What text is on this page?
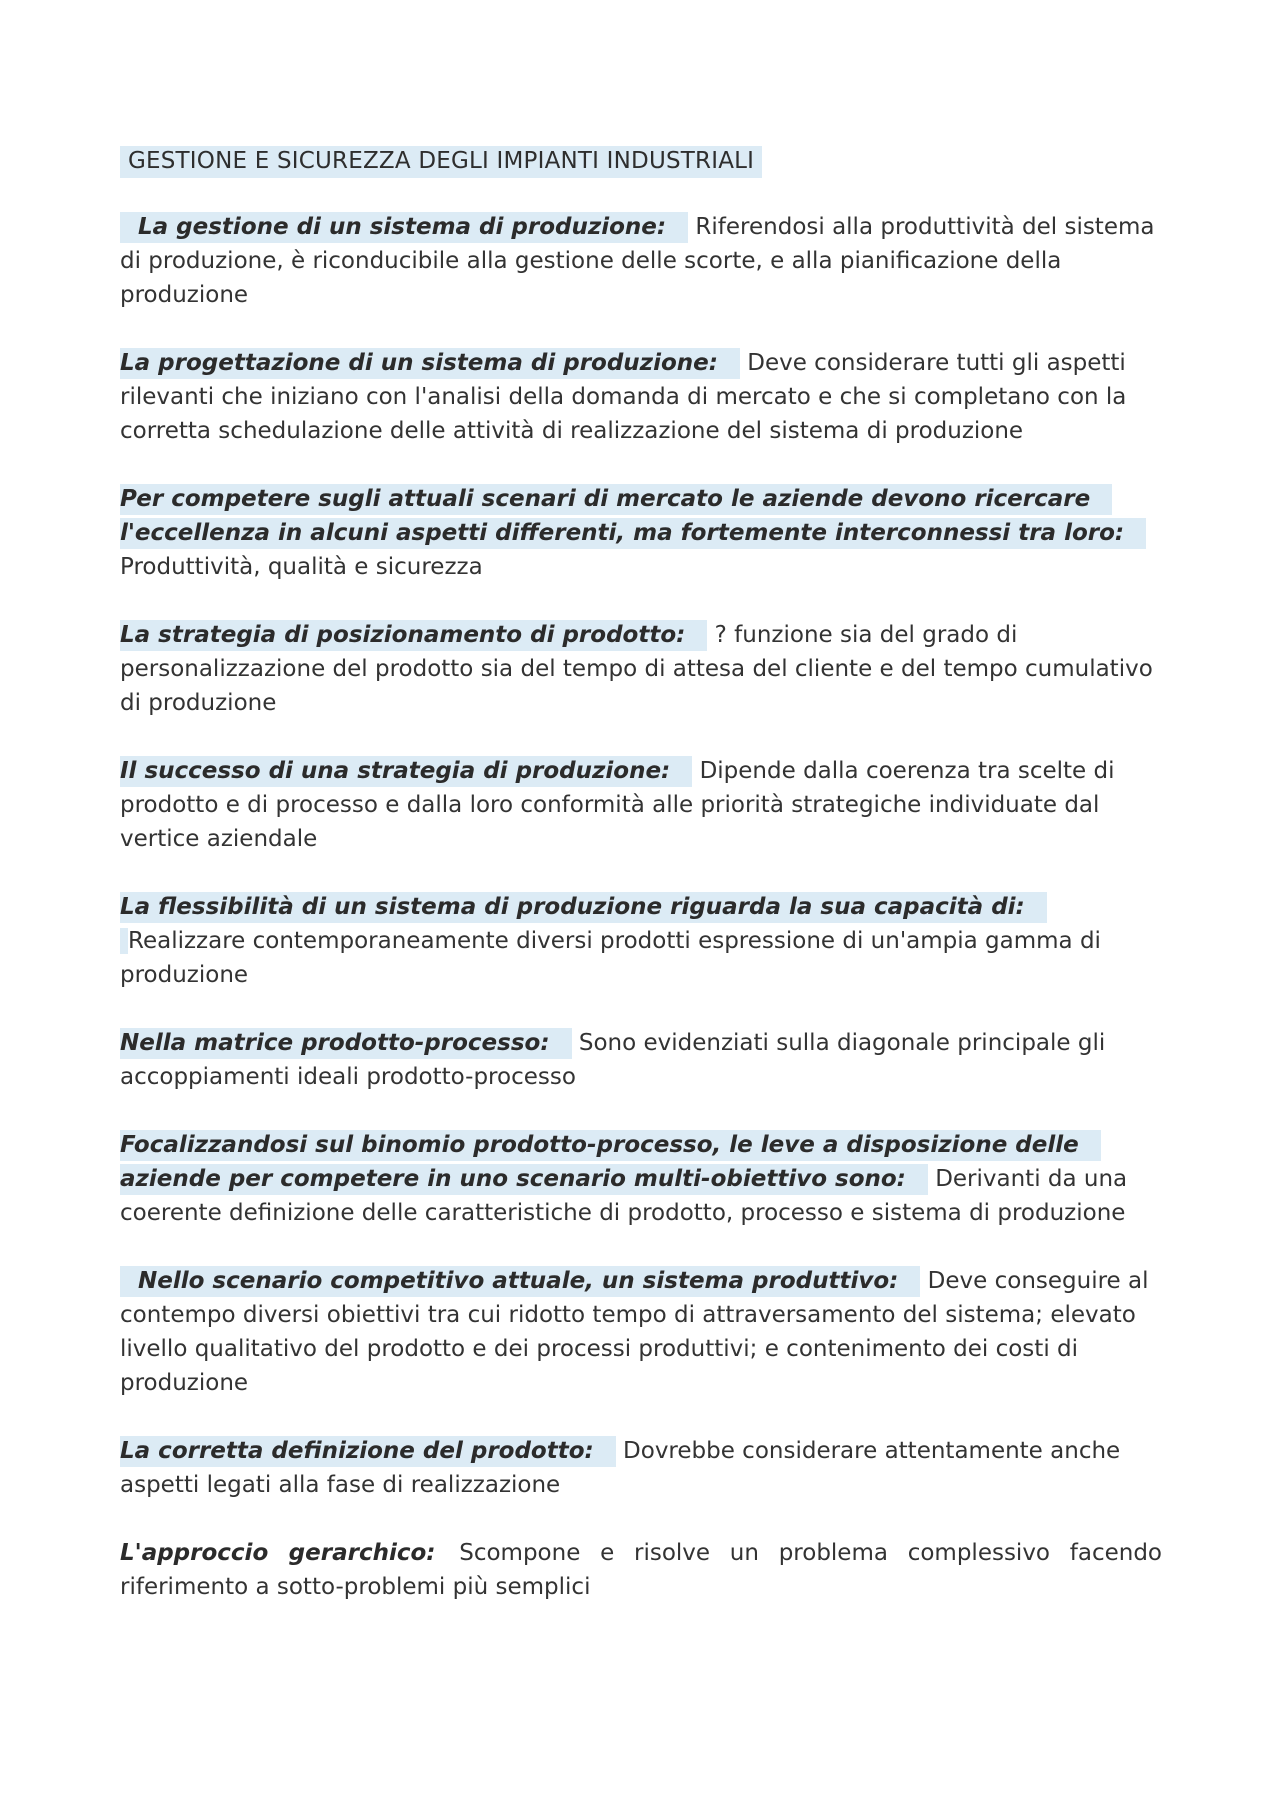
GESTIONE E SICUREZZA DEGLI IMPIANTI INDUSTRIALI

La gestione di un sistema di produzione: Riferendosi alla produttività del sistema di produzione, è riconducibile alla gestione delle scorte, e alla pianificazione della produzione

La progettazione di un sistema di produzione: Deve considerare tutti gli aspetti rilevanti che iniziano con l'analisi della domanda di mercato e che si completano con la corretta schedulazione delle attività di realizzazione del sistema di produzione

Per competere sugli attuali scenari di mercato le aziende devono ricercare l'eccellenza in alcuni aspetti differenti, ma fortemente interconnessi tra loro: Produttività, qualità e sicurezza

La strategia di posizionamento di prodotto: ? funzione sia del grado di personalizzazione del prodotto sia del tempo di attesa del cliente e del tempo cumulativo di produzione

Il successo di una strategia di produzione: Dipende dalla coerenza tra scelte di prodotto e di processo e dalla loro conformità alle priorità strategiche individuate dal vertice aziendale

La flessibilità di un sistema di produzione riguarda la sua capacità di:
Realizzare contemporaneamente diversi prodotti espressione di un'ampia gamma di produzione

Nella matrice prodotto-processo: Sono evidenziati sulla diagonale principale gli accoppiamenti ideali prodotto-processo

Focalizzandosi sul binomio prodotto-processo, le leve a disposizione delle aziende per competere in uno scenario multi-obiettivo sono: Derivanti da una coerente definizione delle caratteristiche di prodotto, processo e sistema di produzione

Nello scenario competitivo attuale, un sistema produttivo: Deve conseguire al contempo diversi obiettivi tra cui ridotto tempo di attraversamento del sistema; elevato livello qualitativo del prodotto e dei processi produttivi; e contenimento dei costi di produzione

La corretta definizione del prodotto: Dovrebbe considerare attentamente anche aspetti legati alla fase di realizzazione

L'approccio gerarchico: Scompone e risolve un problema complessivo facendo riferimento a sotto-problemi più semplici
